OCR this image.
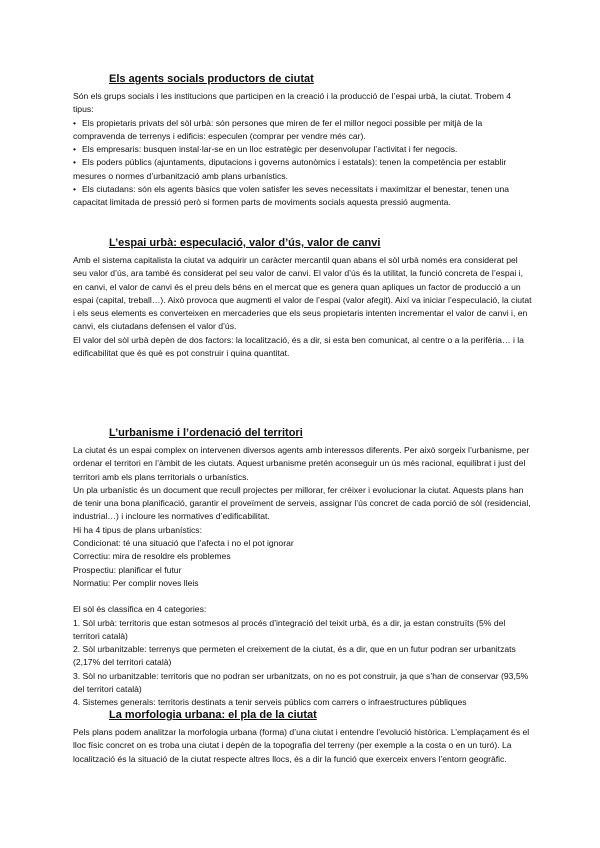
Els agents socials productors de ciutat

Són els grups socials i les institucions que participen en la creació i la producció de l’espai urbà, la ciutat. Trobem 4 tipus:

• Els propietaris privats del sòl urbà: són persones que miren de fer el millor negoci possible per mitjà de la compravenda de terrenys i edificis: especulen (comprar per vendre més car).
• Els empresaris: busquen instal·lar-se en un lloc estratègic per desenvolupar l’activitat i fer negocis.
• Els poders públics (ajuntaments, diputacions i governs autonòmics i estatals): tenen la competència per establir mesures o normes d’urbanització amb plans urbanístics.
• Els ciutadans: són els agents bàsics que volen satisfer les seves necessitats i maximitzar el benestar, tenen una capacitat limitada de pressió però si formen parts de moviments socials aquesta pressió augmenta.
L’espai urbà: especulació, valor d’ús, valor de canvi

Amb el sistema capitalista la ciutat va adquirir un caràcter mercantil quan abans el sòl urbà només era considerat pel seu valor d’ús, ara també és considerat pel seu valor de canvi. El valor d’ús és la utilitat, la funció concreta de l’espai i, en canvi, el valor de canvi és el preu dels béns en el mercat que es genera quan apliques un factor de producció a un espai (capital, treball…). Això provoca que augmenti el valor de l’espai (valor afegit). Així va iniciar l’especulació, la ciutat i els seus elements es converteixen en mercaderies que els seus propietaris intenten incrementar el valor de canvi i, en canvi, els ciutadans defensen el valor d’ús.

El valor del sòl urbà depèn de dos factors: la localització, és a dir, si esta ben comunicat, al centre o a la perifèria… i la edificabilitat que és què es pot construir i quina quantitat.

L’urbanisme i l’ordenació del territori

La ciutat és un espai complex on intervenen diversos agents amb interessos diferents. Per això sorgeix l’urbanisme, per ordenar el territori en l’àmbit de les ciutats. Aquest urbanisme pretén aconseguir un ús més racional, equilibrat i just del territori amb els plans territorials o urbanístics.

Un pla urbanístic és un document que recull projectes per millorar, fer créixer i evolucionar la ciutat. Aquests plans han de tenir una bona planificació, garantir el proveïment de serveis, assignar l’ús concret de cada porció de sòl (residencial, industrial…) i incloure les normatives d’edificabilitat.

Hi ha 4 tipus de plans urbanístics:

Condicionat: té una situació que l’afecta i no el pot ignorar

Correctiu: mira de resoldre els problemes

Prospectiu: planificar el futur

Normatiu: Per complir noves lleis

El sòl és classifica en 4 categories:

1. Sòl urbà: territoris que estan sotmesos al procés d’integració del teixit urbà, és a dir, ja estan construïts (5% del territori català)

2. Sòl urbanitzable: terrenys que permeten el creixement de la ciutat, és a dir, que en un futur podran ser urbanitzats (2,17% del territori català)

3. Sòl no urbanitzable: territoris que no podran ser urbanitzats, on no es pot construir, ja que s’han de conservar (93,5% del territori català)

4. Sistemes generals: territoris destinats a tenir serveis públics com carrers o infraestructures públiques

La morfologia urbana: el pla de la ciutat

Pels plans podem analitzar la morfologia urbana (forma) d’una ciutat i entendre l’evolució històrica. L’emplaçament és el lloc físic concret on es troba una ciutat i depèn de la topografia del terreny (per exemple a la costa o en un turó). La localització és la situació de la ciutat respecte altres llocs, és a dir la funció que exerceix envers l’entorn geogràfic.
